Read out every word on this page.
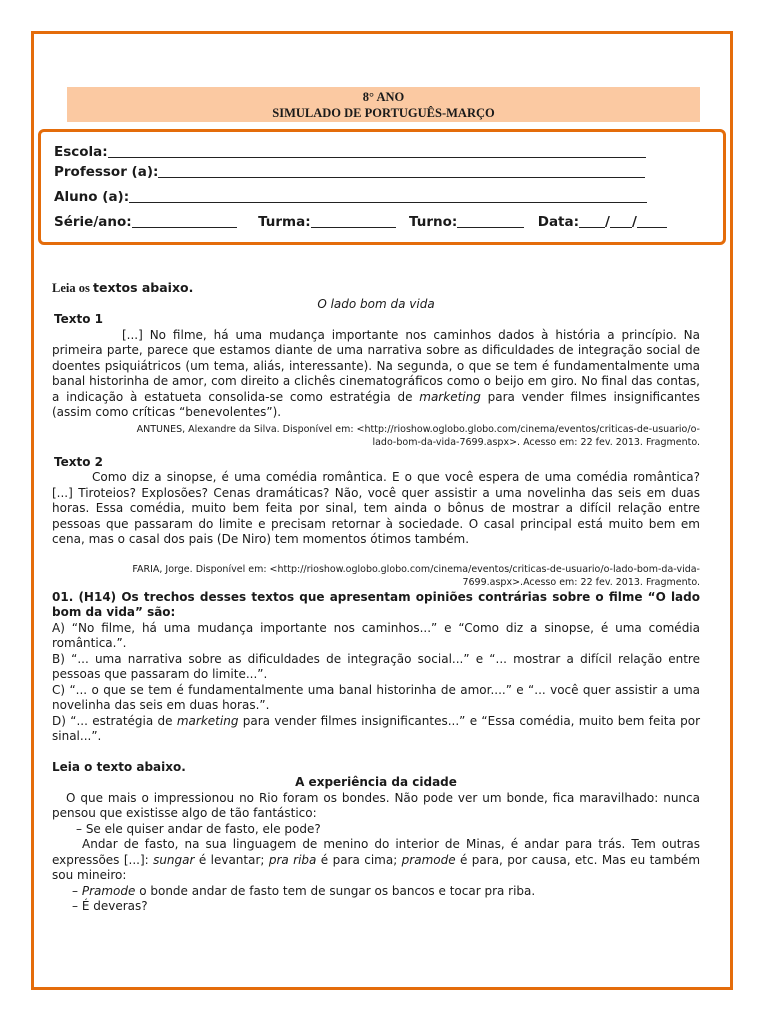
8° ANO
SIMULADO DE PORTUGUÊS-MARÇO
Escola:
Professor (a):
Aluno (a):
Série/ano:	Turma:	Turno:	Data: / /

Leia os textos abaixo.

O lado bom da vida

Texto 1

[...] No filme, há uma mudança importante nos caminhos dados à história a princípio. Na primeira parte, parece que estamos diante de uma narrativa sobre as dificuldades de integração social de doentes psiquiátricos (um tema, aliás, interessante). Na segunda, o que se tem é fundamentalmente uma banal historinha de amor, com direito a clichês cinematográficos como o beijo em giro. No final das contas, a indicação à estatueta consolida-se como estratégia de marketing para vender filmes insignificantes (assim como críticas “benevolentes”).

ANTUNES, Alexandre da Silva. Disponível em: <http://rioshow.oglobo.globo.com/cinema/eventos/criticas-de-usuario/o-lado-bom-da-vida-7699.aspx>. Acesso em: 22 fev. 2013. Fragmento.

Texto 2

Como diz a sinopse, é uma comédia romântica. E o que você espera de uma comédia romântica? [...] Tiroteios? Explosões? Cenas dramáticas? Não, você quer assistir a uma novelinha das seis em duas horas. Essa comédia, muito bem feita por sinal, tem ainda o bônus de mostrar a difícil relação entre pessoas que passaram do limite e precisam retornar à sociedade. O casal principal está muito bem em cena, mas o casal dos pais (De Niro) tem momentos ótimos também.

FARIA, Jorge. Disponível em: <http://rioshow.oglobo.globo.com/cinema/eventos/criticas-de-usuario/o-lado-bom-da-vida-7699.aspx>.Acesso em: 22 fev. 2013. Fragmento.

01. (H14) Os trechos desses textos que apresentam opiniões contrárias sobre o filme “O lado bom da vida” são:

A) “No filme, há uma mudança importante nos caminhos...” e “Como diz a sinopse, é uma comédia romântica.”.

B) “... uma narrativa sobre as dificuldades de integração social...” e “... mostrar a difícil relação entre pessoas que passaram do limite...”.

C) “... o que se tem é fundamentalmente uma banal historinha de amor....” e “... você quer assistir a uma novelinha das seis em duas horas.”.

D) “... estratégia de marketing para vender filmes insignificantes...” e “Essa comédia, muito bem feita por sinal...”.

Leia o texto abaixo.

A experiência da cidade

O que mais o impressionou no Rio foram os bondes. Não pode ver um bonde, fica maravilhado: nunca pensou que existisse algo de tão fantástico:

– Se ele quiser andar de fasto, ele pode?

Andar de fasto, na sua linguagem de menino do interior de Minas, é andar para trás. Tem outras expressões [...]: sungar é levantar; pra riba é para cima; pramode é para, por causa, etc. Mas eu também sou mineiro:

– Pramode o bonde andar de fasto tem de sungar os bancos e tocar pra riba.

– É deveras?
